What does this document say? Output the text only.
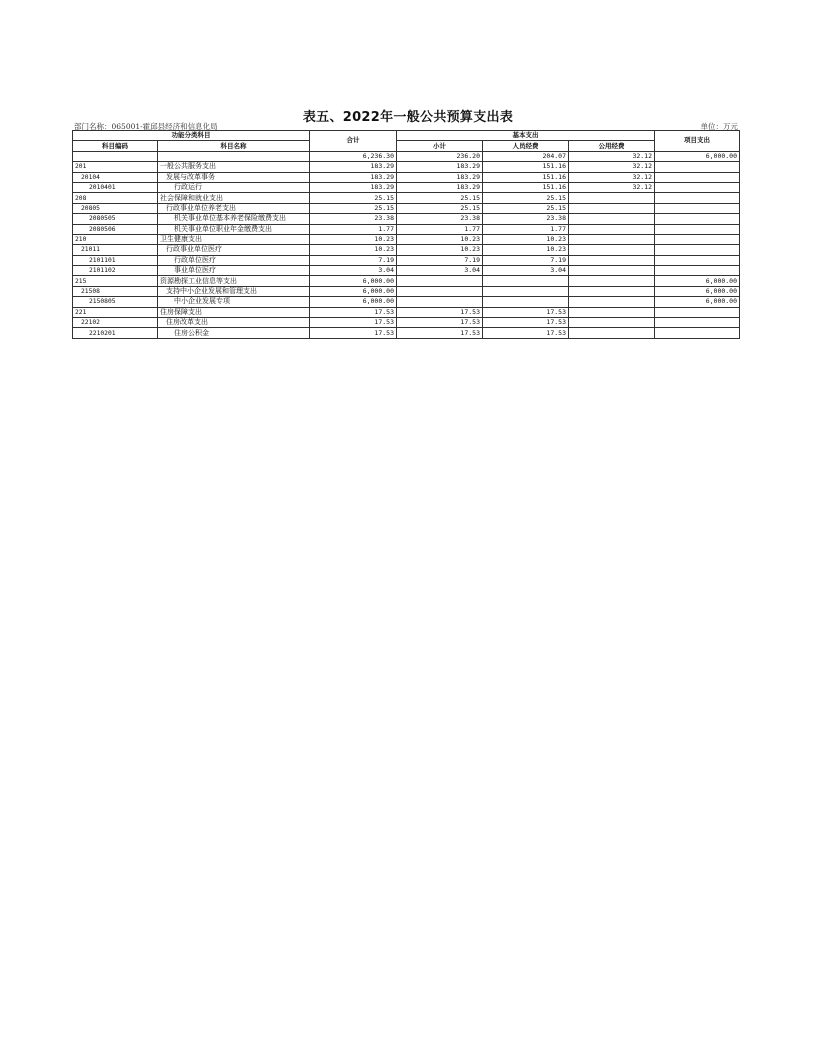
表五、2022年一般公共预算支出表
部门名称：065001-霍邱县经济和信息化局	单位：万元
功能分类科目		合计	基本支出			项目支出
科目编码	科目名称		小计	人员经费	公用经费	
		6,236.30	236.20	204.07	32.12	6,000.00
201	一般公共服务支出	183.29	183.29	151.16	32.12	
20104	发展与改革事务	183.29	183.29	151.16	32.12	
2010401	行政运行	183.29	183.29	151.16	32.12	
208	社会保障和就业支出	25.15	25.15	25.15		
20805	行政事业单位养老支出	25.15	25.15	25.15		
2080505	机关事业单位基本养老保险缴费支出	23.38	23.38	23.38		
2080506	机关事业单位职业年金缴费支出	1.77	1.77	1.77		
210	卫生健康支出	10.23	10.23	10.23		
21011	行政事业单位医疗	10.23	10.23	10.23		
2101101	行政单位医疗	7.19	7.19	7.19		
2101102	事业单位医疗	3.04	3.04	3.04		
215	资源勘探工业信息等支出	6,000.00				6,000.00
21508	支持中小企业发展和管理支出	6,000.00				6,000.00
2150805	中小企业发展专项	6,000.00				6,000.00
221	住房保障支出	17.53	17.53	17.53		
22102	住房改革支出	17.53	17.53	17.53		
2210201	住房公积金	17.53	17.53	17.53		
